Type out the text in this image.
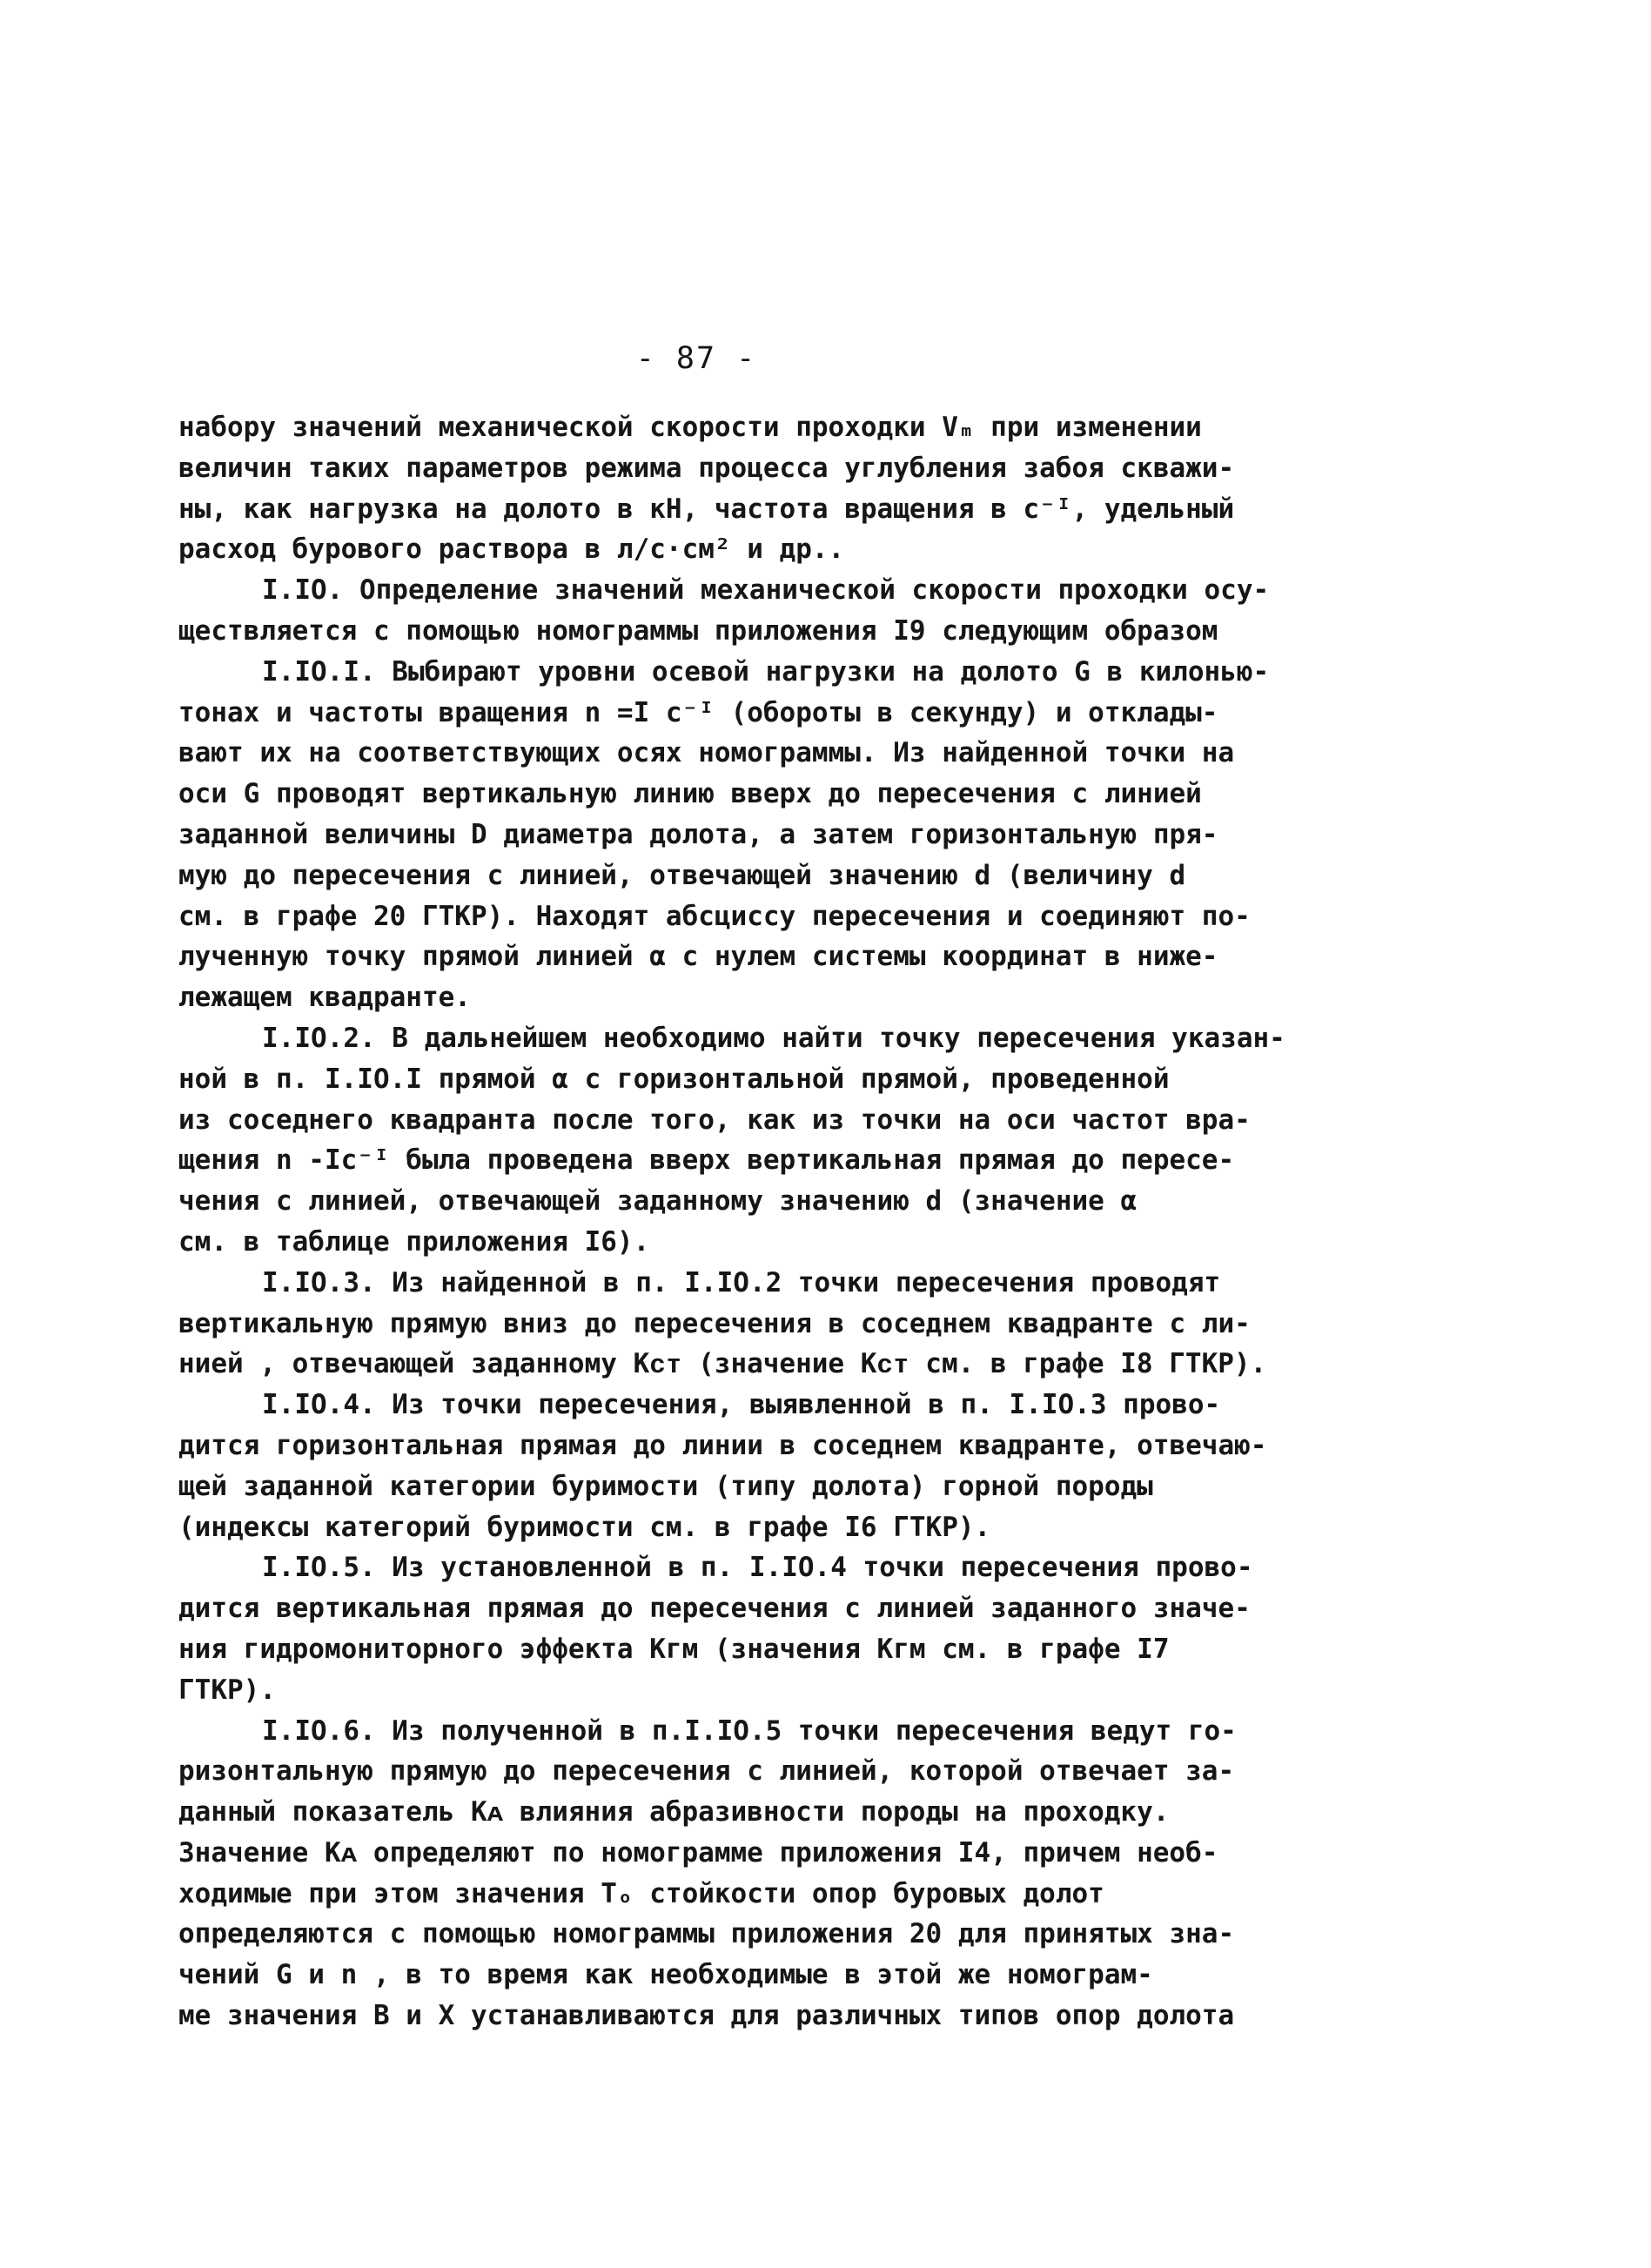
- 87 -
набору значений механической скорости проходки Vₘ при изменении
величин таких параметров режима процесса углубления забоя скважи-
ны, как нагрузка на долото в кН, частота вращения в с⁻ᴵ, удельный
расход бурового раствора в л/с·см² и др..
I.IO. Определение значений механической скорости проходки осу-
ществляется с помощью номограммы приложения I9 следующим образом
I.IO.I. Выбирают уровни осевой нагрузки на долото G в килонью-
тонах и частоты вращения n =I с⁻ᴵ (обороты в секунду) и отклады-
вают их на соответствующих осях номограммы. Из найденной точки на
оси G проводят вертикальную линию вверх до пересечения с линией
заданной величины D диаметра долота, а затем горизонтальную пря-
мую до пересечения с линией, отвечающей значению d (величину d
см. в графе 20 ГТКР). Находят абсциссу пересечения и соединяют по-
лученную точку прямой линией α с нулем системы координат в ниже-
лежащем квадранте.
I.IO.2. В дальнейшем необходимо найти точку пересечения указан-
ной в п. I.IO.I прямой α с горизонтальной прямой, проведенной
из соседнего квадранта после того, как из точки на оси частот вра-
щения n -Iс⁻ᴵ была проведена вверх вертикальная прямая до пересе-
чения с линией, отвечающей заданному значению d (значение α
см. в таблице приложения I6).
I.IO.3. Из найденной в п. I.IO.2 точки пересечения проводят
вертикальную прямую вниз до пересечения в соседнем квадранте с ли-
нией , отвечающей заданному Кᴄᴛ (значение Кᴄᴛ см. в графе I8 ГТКР).
I.IO.4. Из точки пересечения, выявленной в п. I.IO.3 прово-
дится горизонтальная прямая до линии в соседнем квадранте, отвечаю-
щей заданной категории буримости (типу долота) горной породы
(индексы категорий буримости см. в графе I6 ГТКР).
I.IO.5. Из установленной в п. I.IO.4 точки пересечения прово-
дится вертикальная прямая до пересечения с линией заданного значе-
ния гидромониторного эффекта Кгм (значения Кгм см. в графе I7
ГТКР).
I.IO.6. Из полученной в п.I.IO.5 точки пересечения ведут го-
ризонтальную прямую до пересечения с линией, которой отвечает за-
данный показатель Кᴀ влияния абразивности породы на проходку.
Значение Кᴀ определяют по номограмме приложения I4, причем необ-
ходимые при этом значения Tₒ стойкости опор буровых долот
определяются с помощью номограммы приложения 20 для принятых зна-
чений G и n , в то время как необходимые в этой же номограм-
ме значения В и Х устанавливаются для различных типов опор долота
